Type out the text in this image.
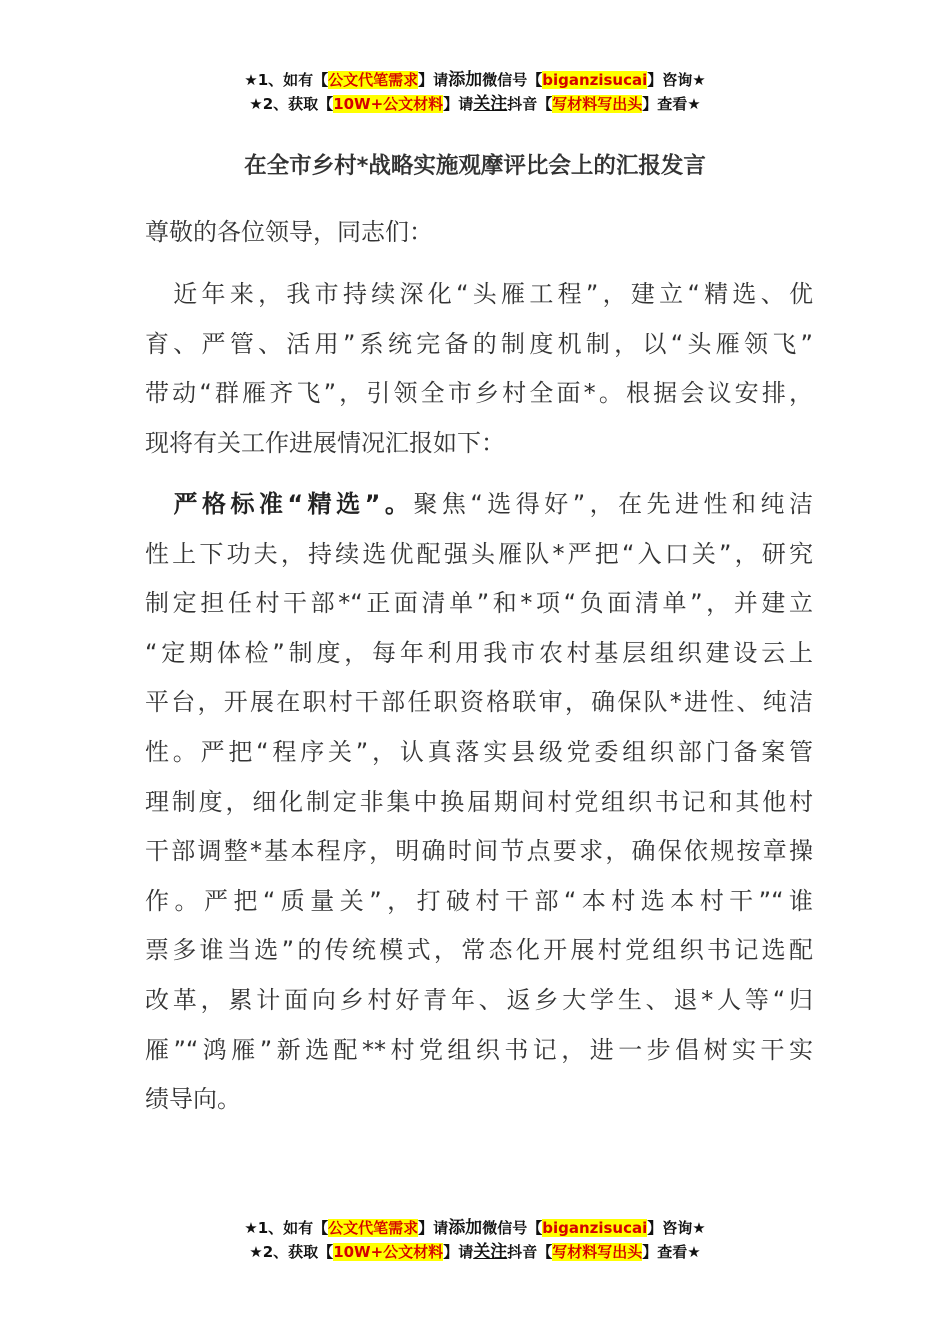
★1、如有【公文代笔需求】请添加微信号【biganzisucai】咨询★
★2、获取【10W+公文材料】请关注抖音【写材料写出头】查看★
在全市乡村*战略实施观摩评比会上的汇报发言
尊敬的各位领导，同志们：
　近年来，我市持续深化“头雁工程”，建立“精选、优
育、严管、活用”系统完备的制度机制，以“头雁领飞”
带动“群雁齐飞”，引领全市乡村全面*。根据会议安排，
现将有关工作进展情况汇报如下：
　严格标准“精选”。聚焦“选得好”，在先进性和纯洁
性上下功夫，持续选优配强头雁队*严把“入口关”，研究
制定担任村干部*“正面清单”和*项“负面清单”，并建立
“定期体检”制度，每年利用我市农村基层组织建设云上
平台，开展在职村干部任职资格联审，确保队*进性、纯洁
性。严把“程序关”，认真落实县级党委组织部门备案管
理制度，细化制定非集中换届期间村党组织书记和其他村
干部调整*基本程序，明确时间节点要求，确保依规按章操
作。严把“质量关”，打破村干部“本村选本村干”“谁
票多谁当选”的传统模式，常态化开展村党组织书记选配
改革，累计面向乡村好青年、返乡大学生、退*人等“归
雁”“鸿雁”新选配**村党组织书记，进一步倡树实干实
绩导向。
★1、如有【公文代笔需求】请添加微信号【biganzisucai】咨询★
★2、获取【10W+公文材料】请关注抖音【写材料写出头】查看★
